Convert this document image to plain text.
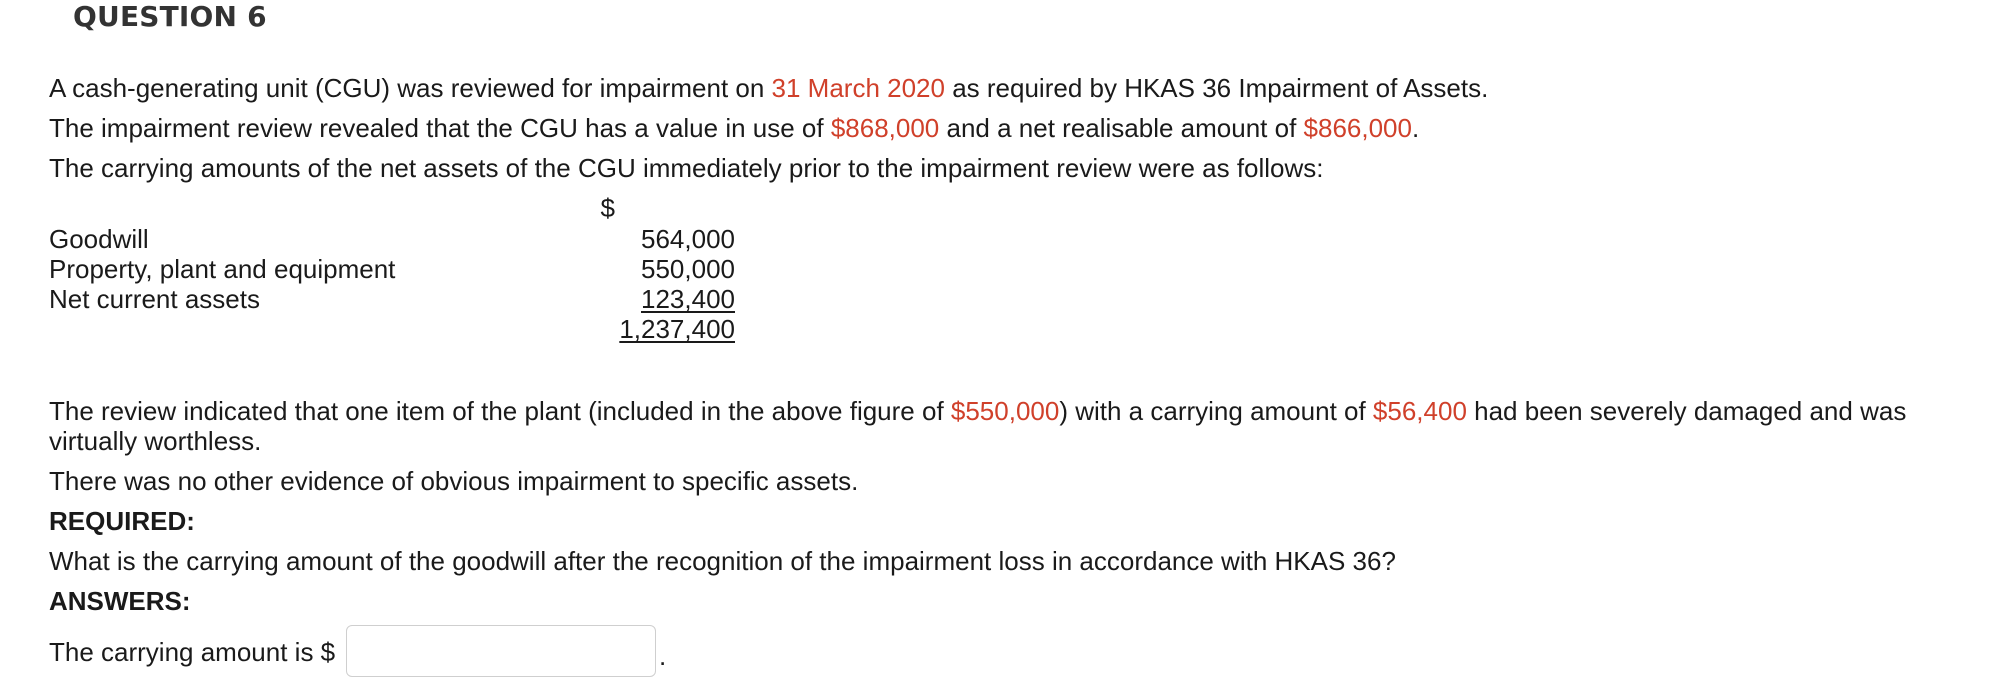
QUESTION 6
A cash-generating unit (CGU) was reviewed for impairment on 31 March 2020 as required by HKAS 36 Impairment of Assets.
The impairment review revealed that the CGU has a value in use of $868,000 and a net realisable amount of $866,000.
The carrying amounts of the net assets of the CGU immediately prior to the impairment review were as follows:
$
Goodwill	564,000
Property, plant and equipment	550,000
Net current assets	123,400
1,237,400
The review indicated that one item of the plant (included in the above figure of $550,000) with a carrying amount of $56,400 had been severely damaged and was virtually worthless.
There was no other evidence of obvious impairment to specific assets.
REQUIRED:
What is the carrying amount of the goodwill after the recognition of the impairment loss in accordance with HKAS 36?
ANSWERS:
The carrying amount is $	.
